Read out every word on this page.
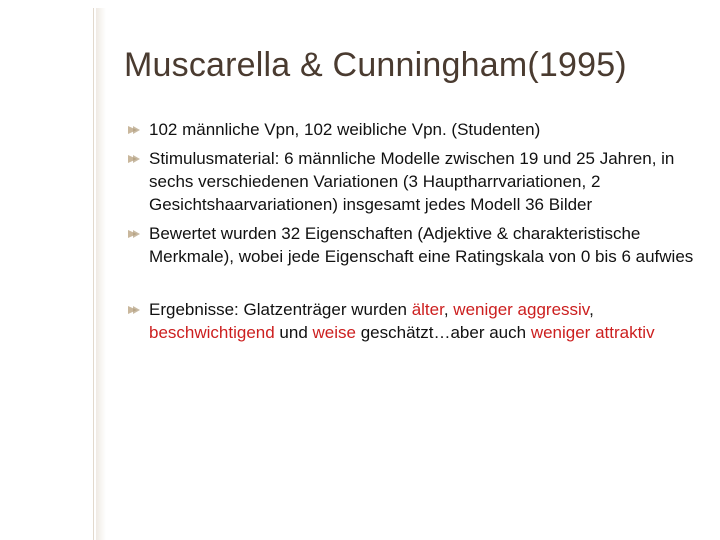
Muscarella & Cunningham(1995)
102 männliche Vpn, 102 weibliche Vpn. (Studenten)
Stimulusmaterial: 6 männliche Modelle zwischen 19 und 25 Jahren, in sechs verschiedenen Variationen (3 Hauptharrvariationen, 2 Gesichtshaarvariationen) insgesamt jedes Modell 36 Bilder
Bewertet wurden 32 Eigenschaften (Adjektive & charakteristische Merkmale), wobei jede Eigenschaft eine Ratingskala von 0 bis 6 aufwies
Ergebnisse: Glatzenträger wurden älter, weniger aggressiv, beschwichtigend und weise geschätzt…aber auch weniger attraktiv
